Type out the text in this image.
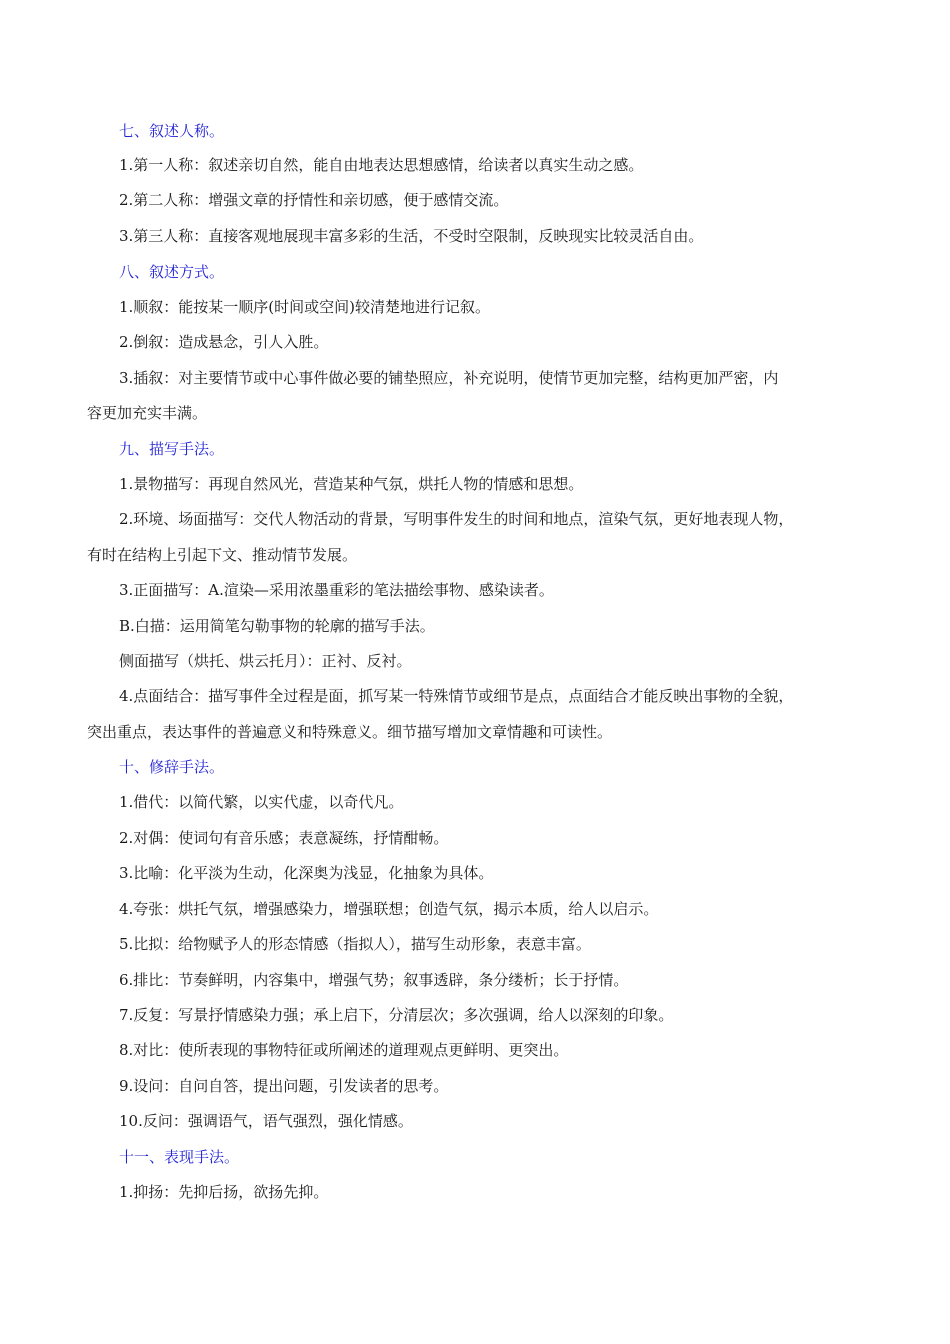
七、叙述人称。
1.第一人称：叙述亲切自然，能自由地表达思想感情，给读者以真实生动之感。
2.第二人称：增强文章的抒情性和亲切感，便于感情交流。
3.第三人称：直接客观地展现丰富多彩的生活，不受时空限制，反映现实比较灵活自由。
八、叙述方式。
1.顺叙：能按某一顺序(时间或空间)较清楚地进行记叙。
2.倒叙：造成悬念，引人入胜。
3.插叙：对主要情节或中心事件做必要的铺垫照应，补充说明，使情节更加完整，结构更加严密，内
容更加充实丰满。
九、描写手法。
1.景物描写：再现自然风光，营造某种气氛，烘托人物的情感和思想。
2.环境、场面描写：交代人物活动的背景，写明事件发生的时间和地点，渲染气氛，更好地表现人物，
有时在结构上引起下文、推动情节发展。
3.正面描写：A.渲染—采用浓墨重彩的笔法描绘事物、感染读者。
B.白描：运用简笔勾勒事物的轮廓的描写手法。
侧面描写（烘托、烘云托月）：正衬、反衬。
4.点面结合：描写事件全过程是面，抓写某一特殊情节或细节是点，点面结合才能反映出事物的全貌，
突出重点，表达事件的普遍意义和特殊意义。细节描写增加文章情趣和可读性。
十、修辞手法。
1.借代：以简代繁，以实代虚，以奇代凡。
2.对偶：使词句有音乐感；表意凝练，抒情酣畅。
3.比喻：化平淡为生动，化深奥为浅显，化抽象为具体。
4.夸张：烘托气氛，增强感染力，增强联想；创造气氛，揭示本质，给人以启示。
5.比拟：给物赋予人的形态情感（指拟人），描写生动形象，表意丰富。
6.排比：节奏鲜明，内容集中，增强气势；叙事透辟，条分缕析；长于抒情。
7.反复：写景抒情感染力强；承上启下，分清层次；多次强调，给人以深刻的印象。
8.对比：使所表现的事物特征或所阐述的道理观点更鲜明、更突出。
9.设问：自问自答，提出问题，引发读者的思考。
10.反问：强调语气，语气强烈，强化情感。
十一、表现手法。
1.抑扬：先抑后扬，欲扬先抑。
